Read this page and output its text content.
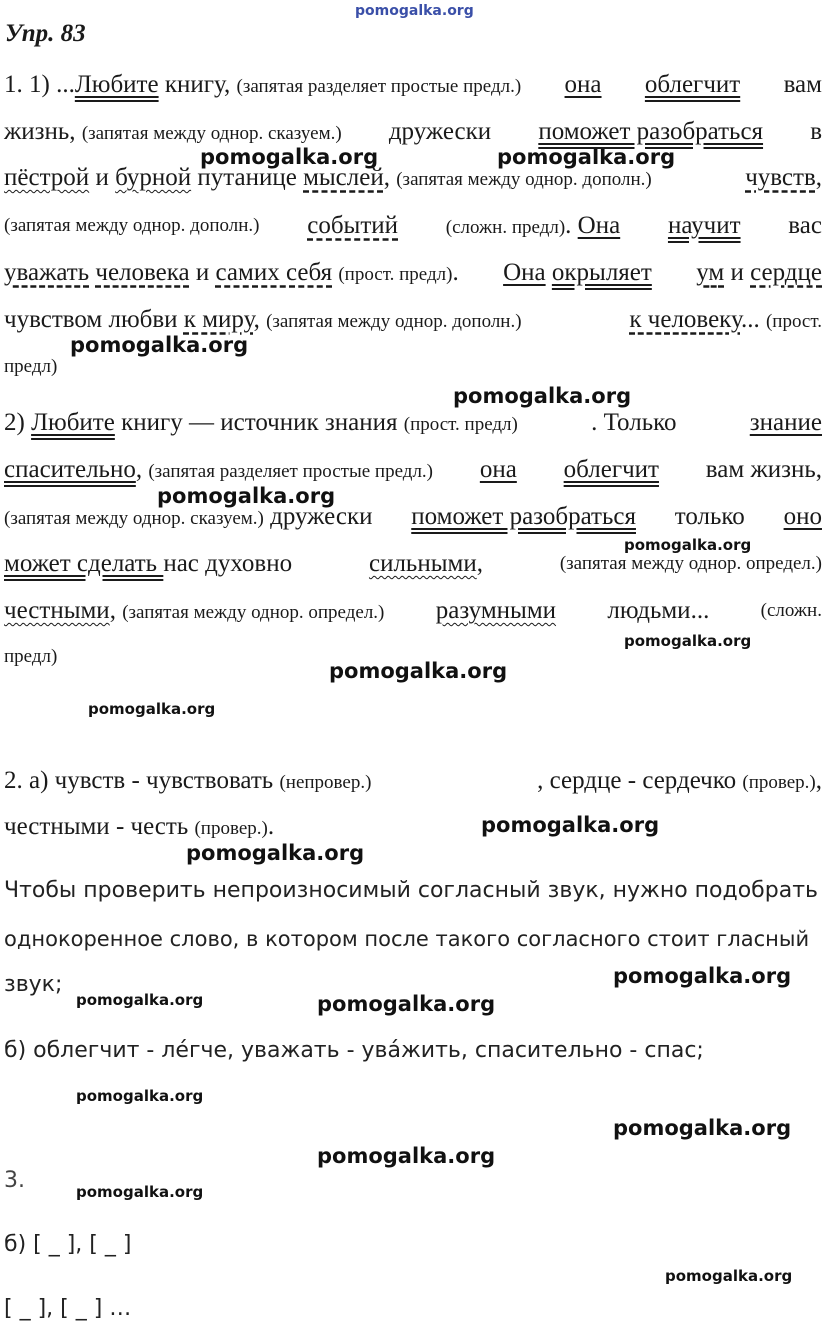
pomogalka.org
pomogalka.org	pomogalka.org
pomogalka.org
pomogalka.org
pomogalka.org
pomogalka.org
pomogalka.org
pomogalka.org
pomogalka.org
pomogalka.org
pomogalka.org
pomogalka.org
pomogalka.org	pomogalka.org
pomogalka.org
pomogalka.org
pomogalka.org
pomogalka.org
pomogalka.org
Упр. 83
1. 1) ...Любите книгу, (запятая разделяет простые предл.) она облегчит вам
жизнь, (запятая между однор. сказуем.) дружески поможет разобраться в
пёстрой и бурной путанице мыслей, (запятая между однор. дополн.)	чувств,
(запятая между однор. дополн.) событий	(сложн. предл). Она научит вас
уважать человека и самих себя (прост. предл). Она окрыляет ум и сердце
чувством любви к миру, (запятая между однор. дополн.)	к человеку... (прост.
предл)
2) Любите книгу — источник знания (прост. предл)	. Только	знание
спасительно, (запятая разделяет простые предл.) она облегчит вам жизнь,
(запятая между однор. сказуем.) дружески поможет разобраться только оно
может сделать нас духовно	сильными,	(запятая между однор. определ.)
честными, (запятая между однор. определ.) разумными людьми...	(сложн.
предл)
2. а) чувств - чувствовать (непровер.)	, сердце - сердечко (провер.),
честными - честь (провер.).
Чтобы проверить непроизносимый согласный звук, нужно подобрать
однокоренное слово, в котором после такого согласного стоит гласный
звук;
б) облегчит - ле́гче, уважать - ува́жить, спасительно - спас;
3.
б) [ _ ], [ _ ]
[ _ ], [ _ ] …
